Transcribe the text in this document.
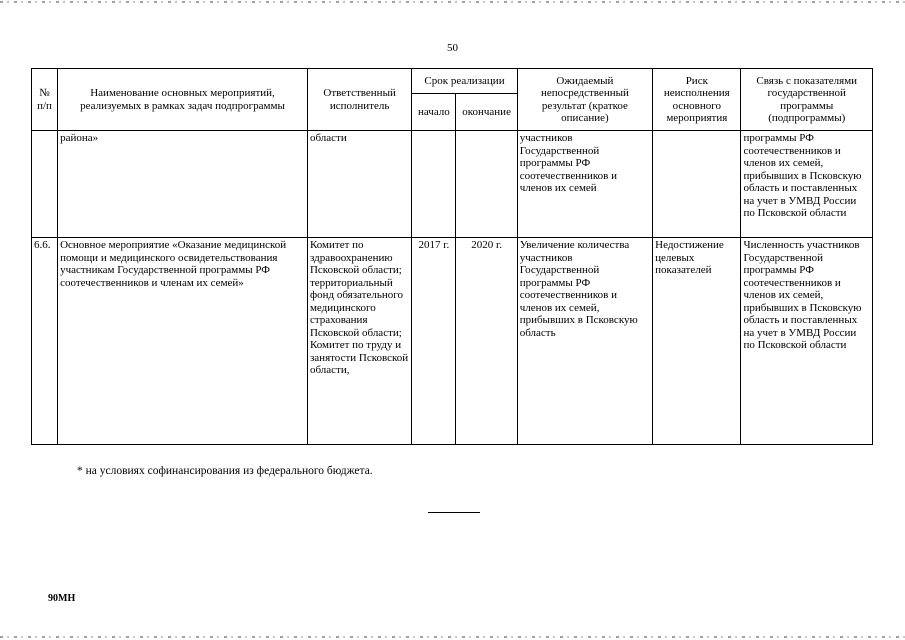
50
№ п/п	Наименование основных мероприятий, реализуемых в рамках задач подпрограммы	Ответственный исполнитель	Срок реализации		Ожидаемый непосредственный результат (краткое описание)	Риск неисполнения основного мероприятия	Связь с показателями государственной программы (подпрограммы)
			начало	окончание			
	района»	области			участников Государственной программы РФ соотечественников и членов их семей		программы РФ соотечественников и членов их семей, прибывших в Псковскую область и поставленных на учет в УМВД России по Псковской области
6.6.	Основное мероприятие «Оказание медицинской помощи и медицинского освидетельствования участникам Государственной программы РФ соотечественников и членам их семей»	Комитет по здравоохранению Псковской области; территориальный фонд обязательного медицинского страхования Псковской области; Комитет по труду и занятости Псковской области,	2017 г.	2020 г.	Увеличение количества участников Государственной программы РФ соотечественников и членов их семей, прибывших в Псковскую область	Недостижение целевых показателей	Численность участников Государственной программы РФ соотечественников и членов их семей, прибывших в Псковскую область и поставленных на учет в УМВД России по Псковской области
* на условиях софинансирования из федерального бюджета.
90МН
